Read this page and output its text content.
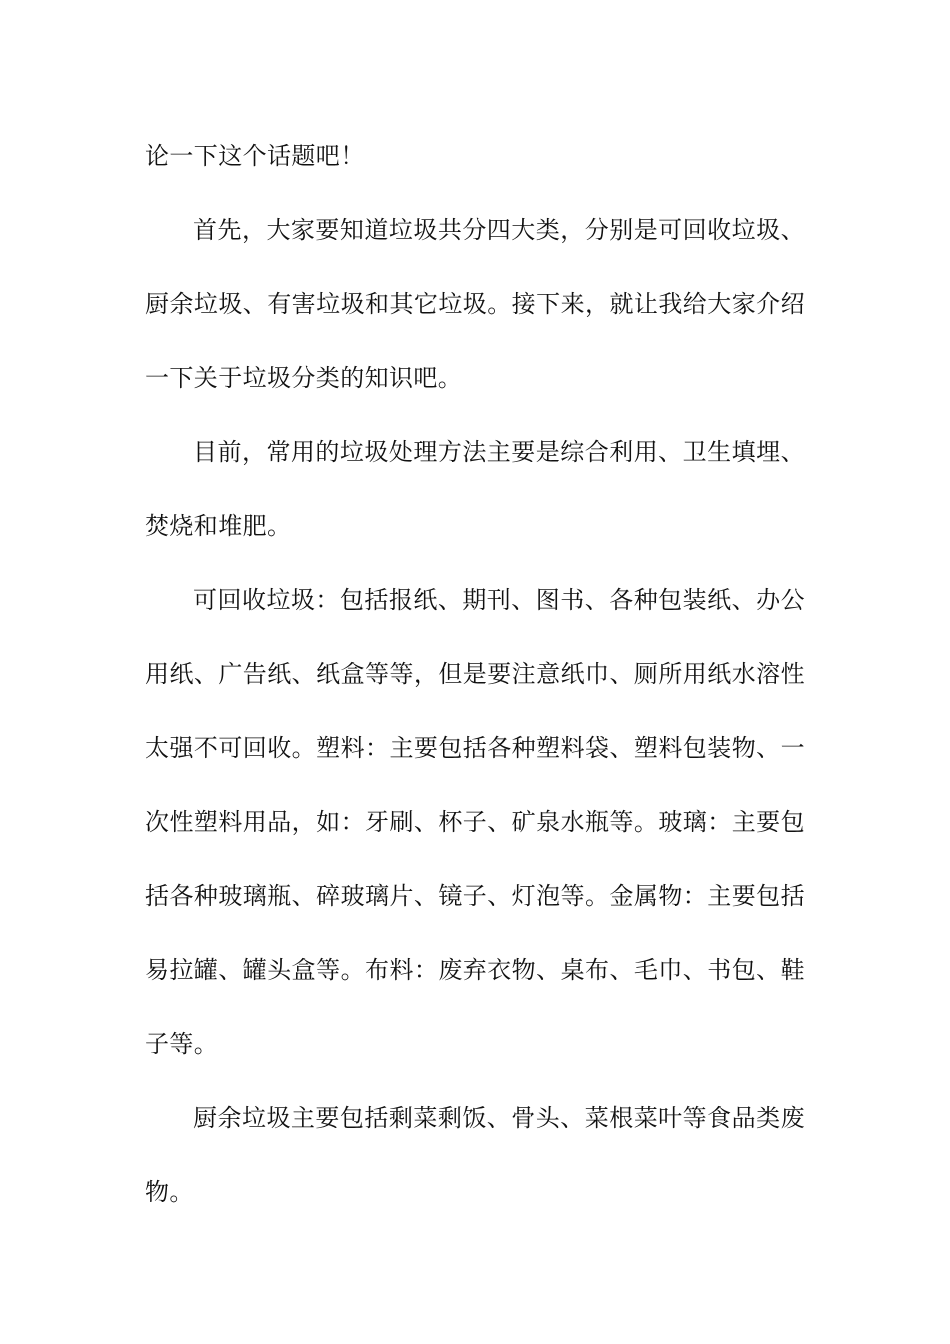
论一下这个话题吧！

首先，大家要知道垃圾共分四大类，分别是可回收垃圾、厨余垃圾、有害垃圾和其它垃圾。接下来，就让我给大家介绍一下关于垃圾分类的知识吧。

目前，常用的垃圾处理方法主要是综合利用、卫生填埋、焚烧和堆肥。

可回收垃圾：包括报纸、期刊、图书、各种包装纸、办公用纸、广告纸、纸盒等等，但是要注意纸巾、厕所用纸水溶性太强不可回收。塑料：主要包括各种塑料袋、塑料包装物、一次性塑料用品，如：牙刷、杯子、矿泉水瓶等。玻璃：主要包括各种玻璃瓶、碎玻璃片、镜子、灯泡等。金属物：主要包括易拉罐、罐头盒等。布料：废弃衣物、桌布、毛巾、书包、鞋子等。

厨余垃圾主要包括剩菜剩饭、骨头、菜根菜叶等食品类废物。
